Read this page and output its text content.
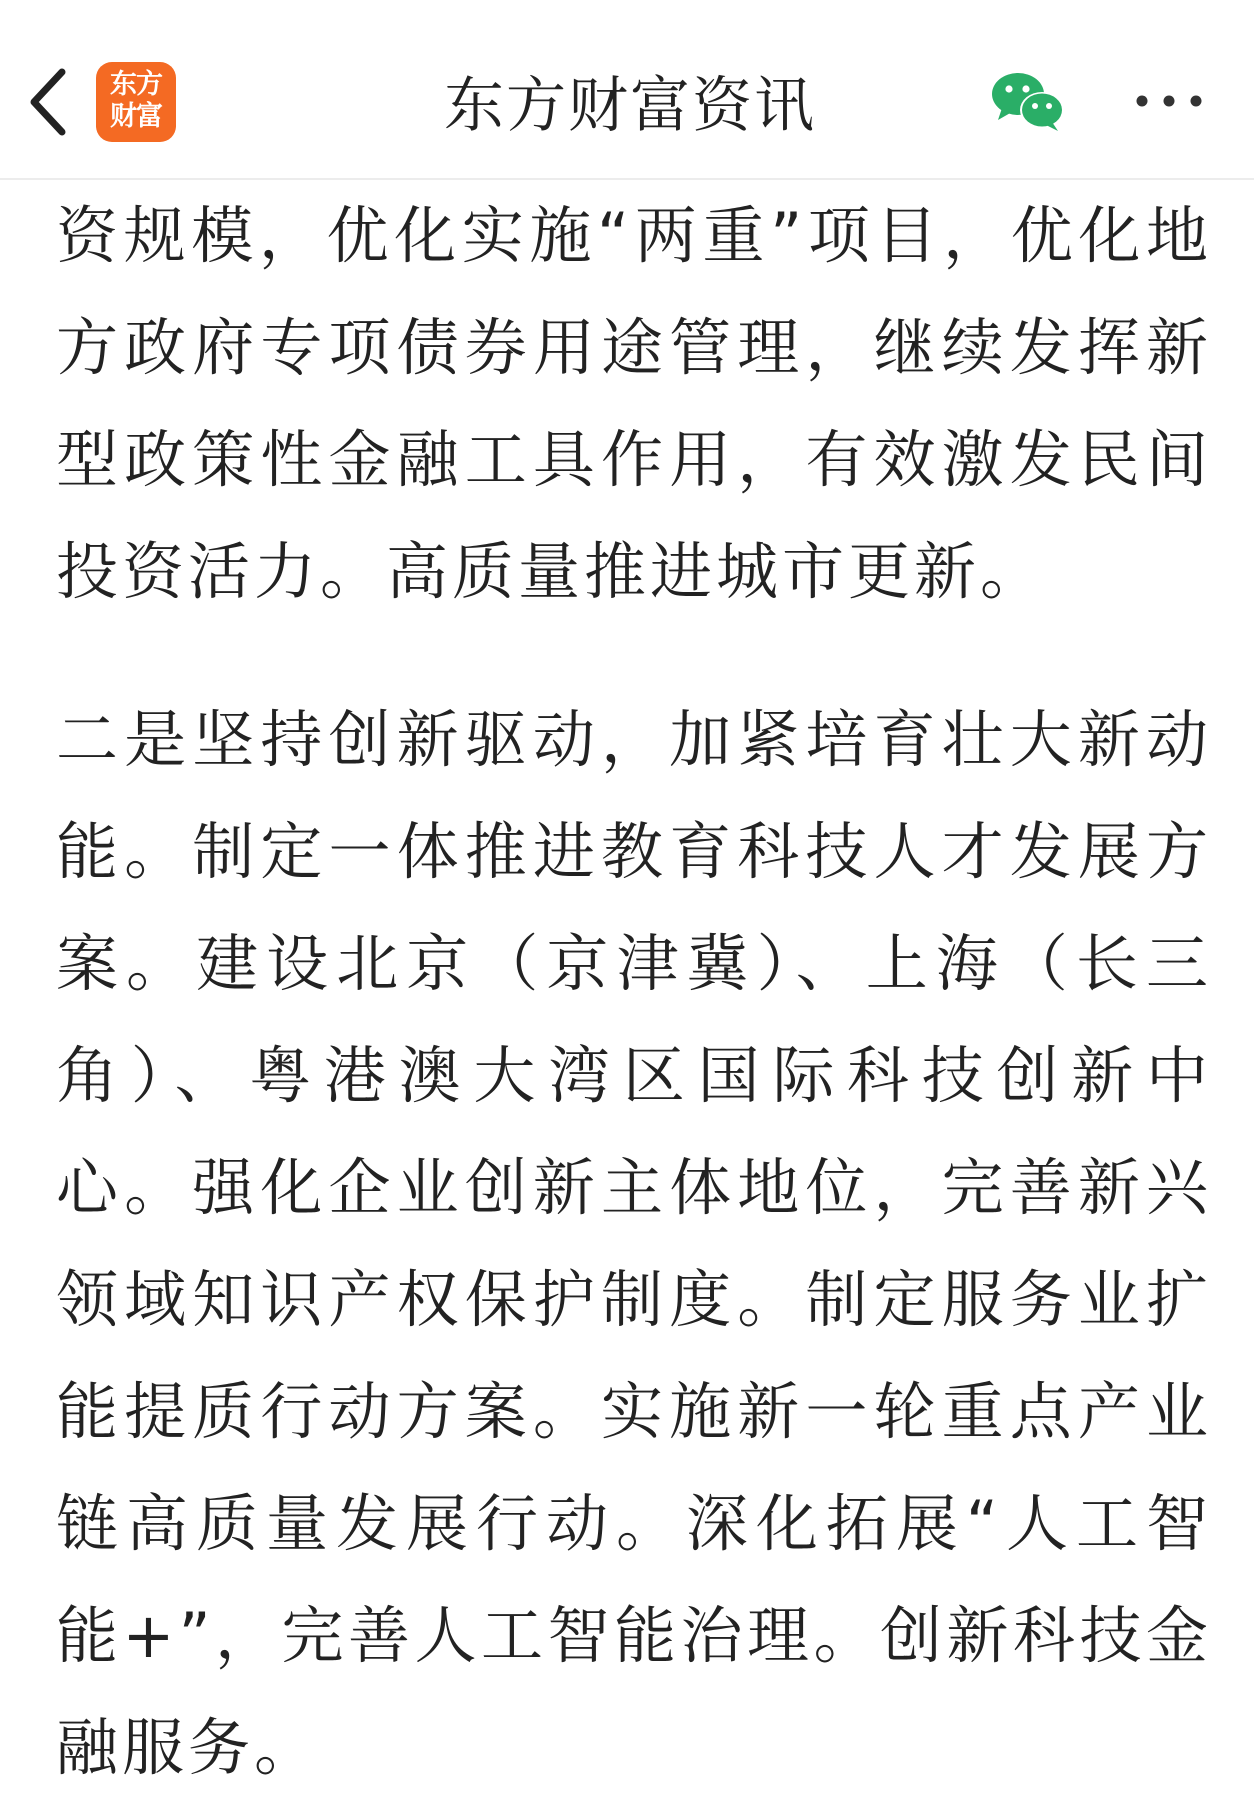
东方
财富	东方财富资讯

资规模，优化实施“两重”项目，优化地方政府专项债券用途管理，继续发挥新型政策性金融工具作用，有效激发民间投资活力。高质量推进城市更新。

二是坚持创新驱动，加紧培育壮大新动能。制定一体推进教育科技人才发展方案。建设北京（京津冀）、上海（长三角）、粤港澳大湾区国际科技创新中心。强化企业创新主体地位，完善新兴领域知识产权保护制度。制定服务业扩能提质行动方案。实施新一轮重点产业链高质量发展行动。深化拓展“人工智能+”，完善人工智能治理。创新科技金融服务。
